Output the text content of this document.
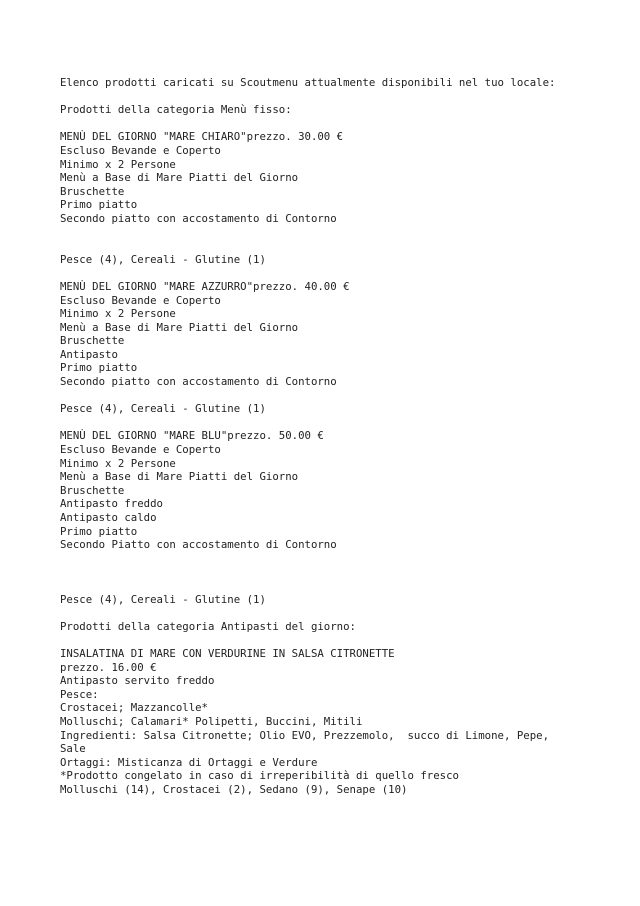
Elenco prodotti caricati su Scoutmenu attualmente disponibili nel tuo locale:
Prodotti della categoria Menù fisso:
MENÙ DEL GIORNO "MARE CHIARO"prezzo. 30.00 €
Escluso Bevande e Coperto
Minimo x 2 Persone
Menù a Base di Mare Piatti del Giorno
Bruschette
Primo piatto
Secondo piatto con accostamento di Contorno
Pesce (4), Cereali - Glutine (1)
MENÙ DEL GIORNO "MARE AZZURRO"prezzo. 40.00 €
Escluso Bevande e Coperto
Minimo x 2 Persone
Menù a Base di Mare Piatti del Giorno
Bruschette
Antipasto
Primo piatto
Secondo piatto con accostamento di Contorno
Pesce (4), Cereali - Glutine (1)
MENÙ DEL GIORNO "MARE BLU"prezzo. 50.00 €
Escluso Bevande e Coperto
Minimo x 2 Persone
Menù a Base di Mare Piatti del Giorno
Bruschette
Antipasto freddo
Antipasto caldo
Primo piatto
Secondo Piatto con accostamento di Contorno
Pesce (4), Cereali - Glutine (1)
Prodotti della categoria Antipasti del giorno:
INSALATINA DI MARE CON VERDURINE IN SALSA CITRONETTE
prezzo. 16.00 €
Antipasto servito freddo
Pesce:
Crostacei; Mazzancolle*
Molluschi; Calamari* Polipetti, Buccini, Mitili
Ingredienti: Salsa Citronette; Olio EVO, Prezzemolo,  succo di Limone, Pepe,
Sale
Ortaggi: Misticanza di Ortaggi e Verdure
*Prodotto congelato in caso di irreperibilità di quello fresco
Molluschi (14), Crostacei (2), Sedano (9), Senape (10)
